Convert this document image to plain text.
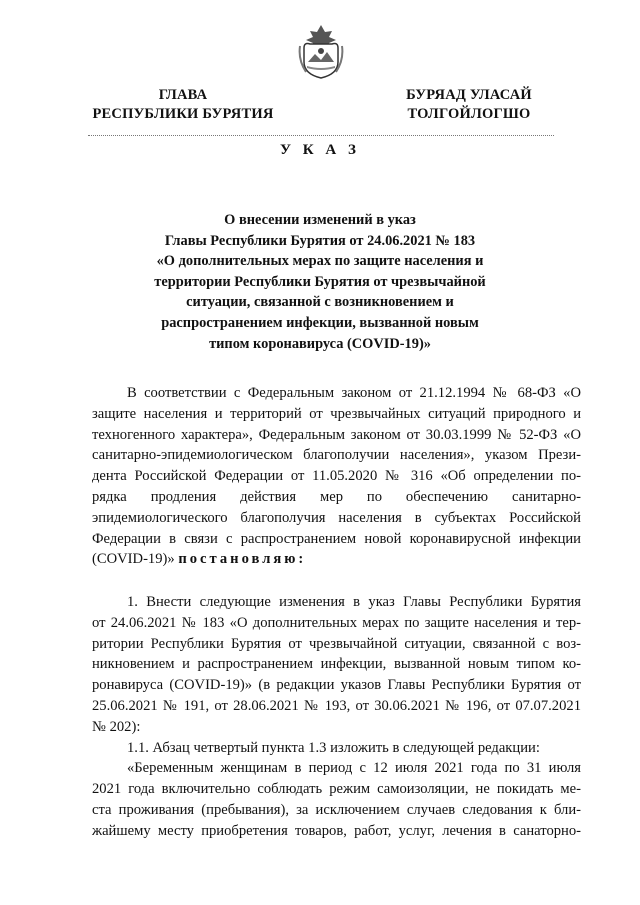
ГЛАВА
РЕСПУБЛИКИ БУРЯТИЯ
БУРЯАД УЛАСАЙ
ТОЛГОЙЛОГШО
У К А З
О внесении изменений в указ
Главы Республики Бурятия от 24.06.2021 № 183
«О дополнительных мерах по защите населения и
территории Республики Бурятия от чрезвычайной
ситуации, связанной с возникновением и
распространением инфекции, вызванной новым
типом коронавируса (COVID-19)»
В соответствии с Федеральным законом от 21.12.1994 № 68-ФЗ «О
защите населения и территорий от чрезвычайных ситуаций природного и
техногенного характера», Федеральным законом от 30.03.1999 № 52-ФЗ «О
санитарно-эпидемиологическом благополучии населения», указом Прези-
дента Российской Федерации от 11.05.2020 № 316 «Об определении по-
рядка продления действия мер по обеспечению санитарно-
эпидемиологического благополучия населения в субъектах Российской
Федерации в связи с распространением новой коронавирусной инфекции
(COVID-19)» постановляю:
1. Внести следующие изменения в указ Главы Республики Бурятия
от 24.06.2021 № 183 «О дополнительных мерах по защите населения и тер-
ритории Республики Бурятия от чрезвычайной ситуации, связанной с воз-
никновением и распространением инфекции, вызванной новым типом ко-
ронавируса (COVID-19)» (в редакции указов Главы Республики Бурятия от
25.06.2021 № 191, от 28.06.2021 № 193, от 30.06.2021 № 196, от 07.07.2021
№ 202):
1.1. Абзац четвертый пункта 1.3 изложить в следующей редакции:
«Беременным женщинам в период с 12 июля 2021 года по 31 июля
2021 года включительно соблюдать режим самоизоляции, не покидать ме-
ста проживания (пребывания), за исключением случаев следования к бли-
жайшему месту приобретения товаров, работ, услуг, лечения в санаторно-
